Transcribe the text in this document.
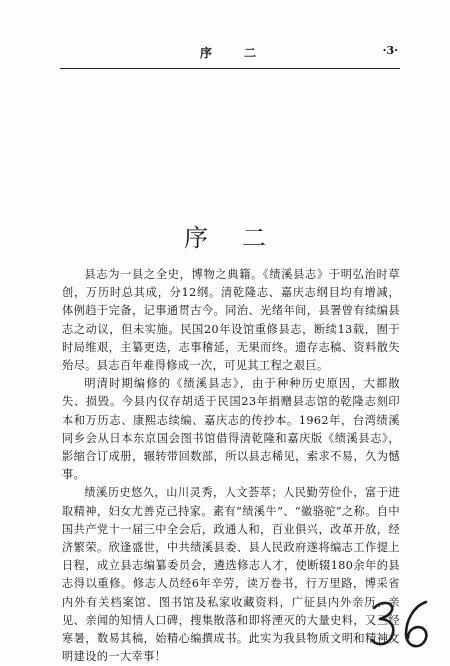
序　二	·3·
序二

县志为一县之全史，博物之典籍。《绩溪县志》于明弘治时草创，万历时总其成，分12纲。清乾隆志、嘉庆志纲目均有增减，体例趋于完备，记事通贯古今。同治、光绪年间，县署曾有续编县志之动议，但未实施。民国20年设馆重修县志，断续13载，囿于时局维艰，主纂更迭，志事稽延，无果而终。遗存志稿、资料散失殆尽。县志百年难得修成一次，可见其工程之艰巨。

明清时期编修的《绩溪县志》，由于种种历史原因，大都散失、损毁。今县内仅存胡适于民国23年捐赠县志馆的乾隆志刻印本和万历志、康熙志续编、嘉庆志的传抄本。1962年，台湾绩溪同乡会从日本东京国会图书馆借得清乾隆和嘉庆版《绩溪县志》，影缩合订成册，辗转带回数部，所以县志稀见，索求不易，久为憾事。

绩溪历史悠久，山川灵秀，人文荟萃；人民勤劳俭仆，富于进取精神，妇女尤善克己持家。素有“绩溪牛”、“徽骆驼”之称。自中国共产党十一届三中全会后，政通人和，百业俱兴，改革开放，经济繁荣。欣逢盛世，中共绩溪县委、县人民政府遂将编志工作提上日程，成立县志编纂委员会，遴选修志人才，使断辍180余年的县志得以重修。修志人员经6年辛劳，读万卷书，行万里路，博采省内外有关档案馆、图书馆及私家收藏资料，广征县内外亲历、亲见、亲闻的知情人口碑，搜集散落和即将湮灭的大量史料，又三经寒暑，数易其稿，始精心编撰成书。此实为我县物质文明和精神文明建设的一大幸事！
